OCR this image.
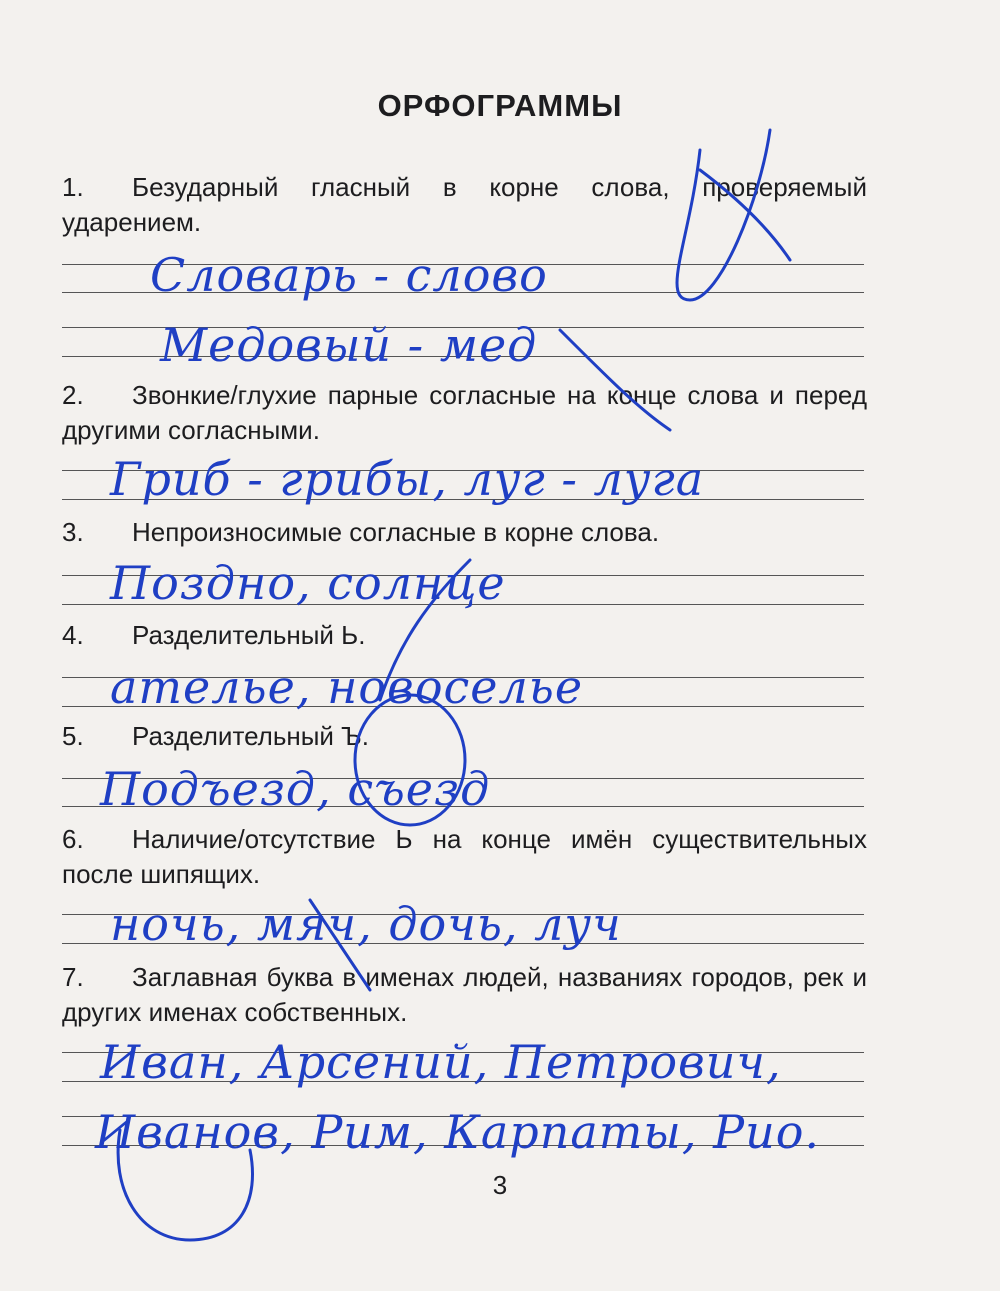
ОРФОГРАММЫ
1. Безударный гласный в корне слова, проверяемый ударением.
Словарь - слово
Медовый - мед
2. Звонкие/глухие парные согласные на конце слова и перед другими согласными.
Гриб - грибы, луг - луга
3. Непроизносимые согласные в корне слова.
Поздно, солнце
4. Разделительный Ь.
ателье, новоселье
5. Разделительный Ъ.
Подъезд, съезд
6. Наличие/отсутствие Ь на конце имён существительных после шипящих.
ночь, мяч, дочь, луч
7. Заглавная буква в именах людей, названиях городов, рек и других именах собственных.
Иван, Арсений, Петрович,
Иванов, Рим, Карпаты, Рио.
3
